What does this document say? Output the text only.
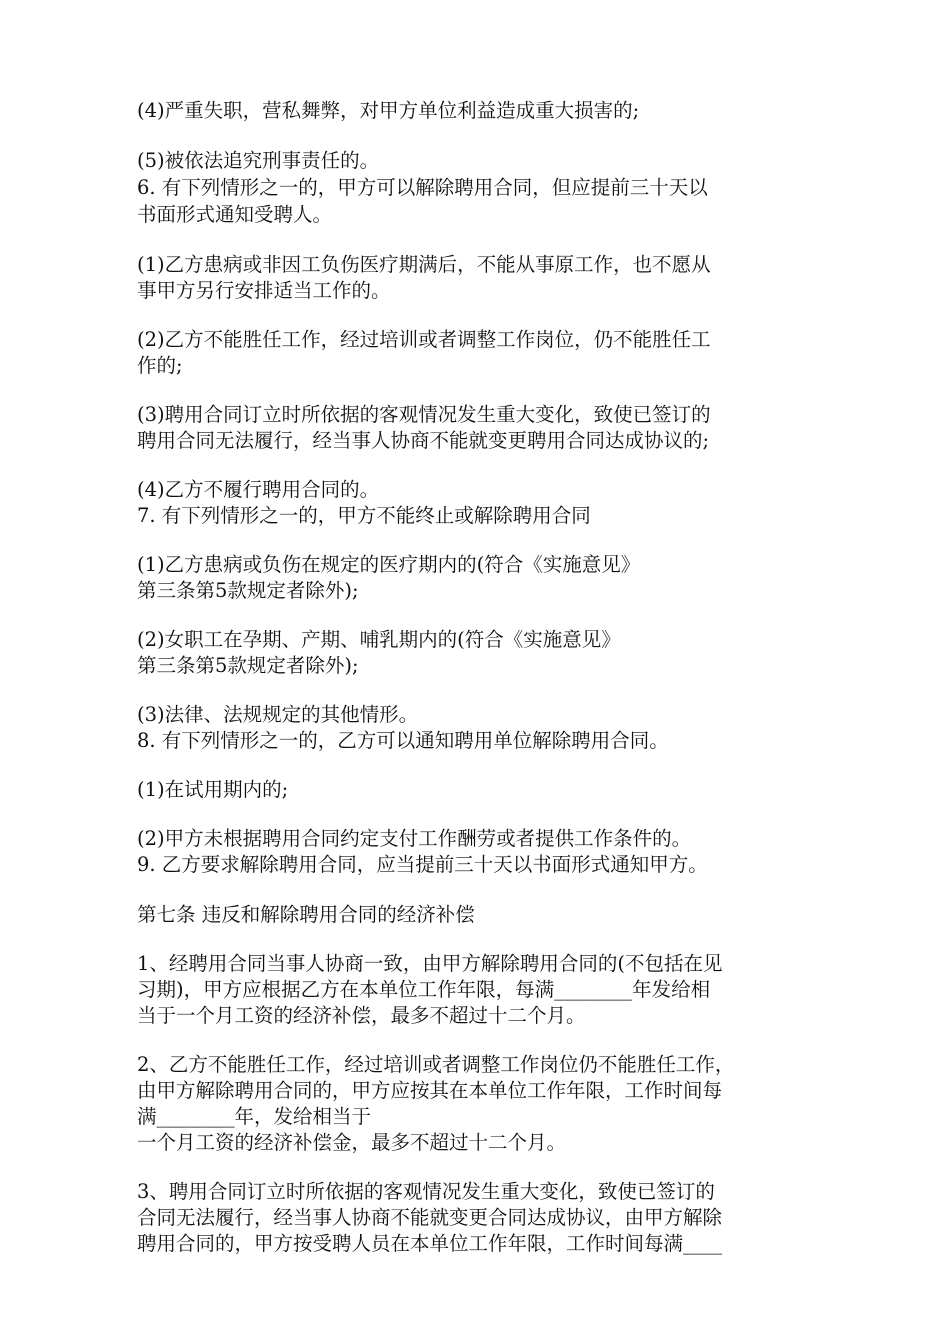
(4)严重失职，营私舞弊，对甲方单位利益造成重大损害的;

(5)被依法追究刑事责任的。

6. 有下列情形之一的，甲方可以解除聘用合同，但应提前三十天以

书面形式通知受聘人。

(1)乙方患病或非因工负伤医疗期满后，不能从事原工作，也不愿从

事甲方另行安排适当工作的。

(2)乙方不能胜任工作，经过培训或者调整工作岗位，仍不能胜任工

作的;

(3)聘用合同订立时所依据的客观情况发生重大变化，致使已签订的

聘用合同无法履行，经当事人协商不能就变更聘用合同达成协议的;

(4)乙方不履行聘用合同的。

7. 有下列情形之一的，甲方不能终止或解除聘用合同

(1)乙方患病或负伤在规定的医疗期内的(符合《实施意见》

第三条第5款规定者除外);

(2)女职工在孕期、产期、哺乳期内的(符合《实施意见》

第三条第5款规定者除外);

(3)法律、法规规定的其他情形。

8. 有下列情形之一的，乙方可以通知聘用单位解除聘用合同。

(1)在试用期内的;

(2)甲方未根据聘用合同约定支付工作酬劳或者提供工作条件的。

9. 乙方要求解除聘用合同，应当提前三十天以书面形式通知甲方。

第七条 违反和解除聘用合同的经济补偿

1、经聘用合同当事人协商一致，由甲方解除聘用合同的(不包括在见

习期)，甲方应根据乙方在本单位工作年限，每满________年发给相

当于一个月工资的经济补偿，最多不超过十二个月。

2、乙方不能胜任工作，经过培训或者调整工作岗位仍不能胜任工作，

由甲方解除聘用合同的，甲方应按其在本单位工作年限，工作时间每

满________年，发给相当于

一个月工资的经济补偿金，最多不超过十二个月。

3、聘用合同订立时所依据的客观情况发生重大变化，致使已签订的

合同无法履行，经当事人协商不能就变更合同达成协议，由甲方解除

聘用合同的，甲方按受聘人员在本单位工作年限，工作时间每满____
